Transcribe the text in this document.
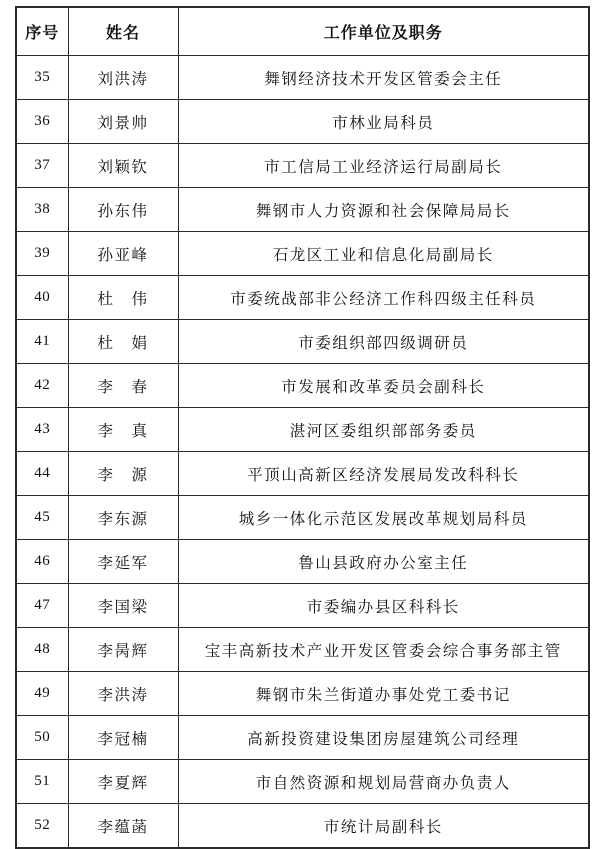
序号	姓名	工作单位及职务
35	刘洪涛	舞钢经济技术开发区管委会主任
36	刘景帅	市林业局科员
37	刘颖钦	市工信局工业经济运行局副局长
38	孙东伟	舞钢市人力资源和社会保障局局长
39	孙亚峰	石龙区工业和信息化局副局长
40	杜　伟	市委统战部非公经济工作科四级主任科员
41	杜　娟	市委组织部四级调研员
42	李　春	市发展和改革委员会副科长
43	李　真	湛河区委组织部部务委员
44	李　源	平顶山高新区经济发展局发改科科长
45	李东源	城乡一体化示范区发展改革规划局科员
46	李延军	鲁山县政府办公室主任
47	李国梁	市委编办县区科科长
48	李昺辉	宝丰高新技术产业开发区管委会综合事务部主管
49	李洪涛	舞钢市朱兰街道办事处党工委书记
50	李冠楠	高新投资建设集团房屋建筑公司经理
51	李夏辉	市自然资源和规划局营商办负责人
52	李蕴菡	市统计局副科长
